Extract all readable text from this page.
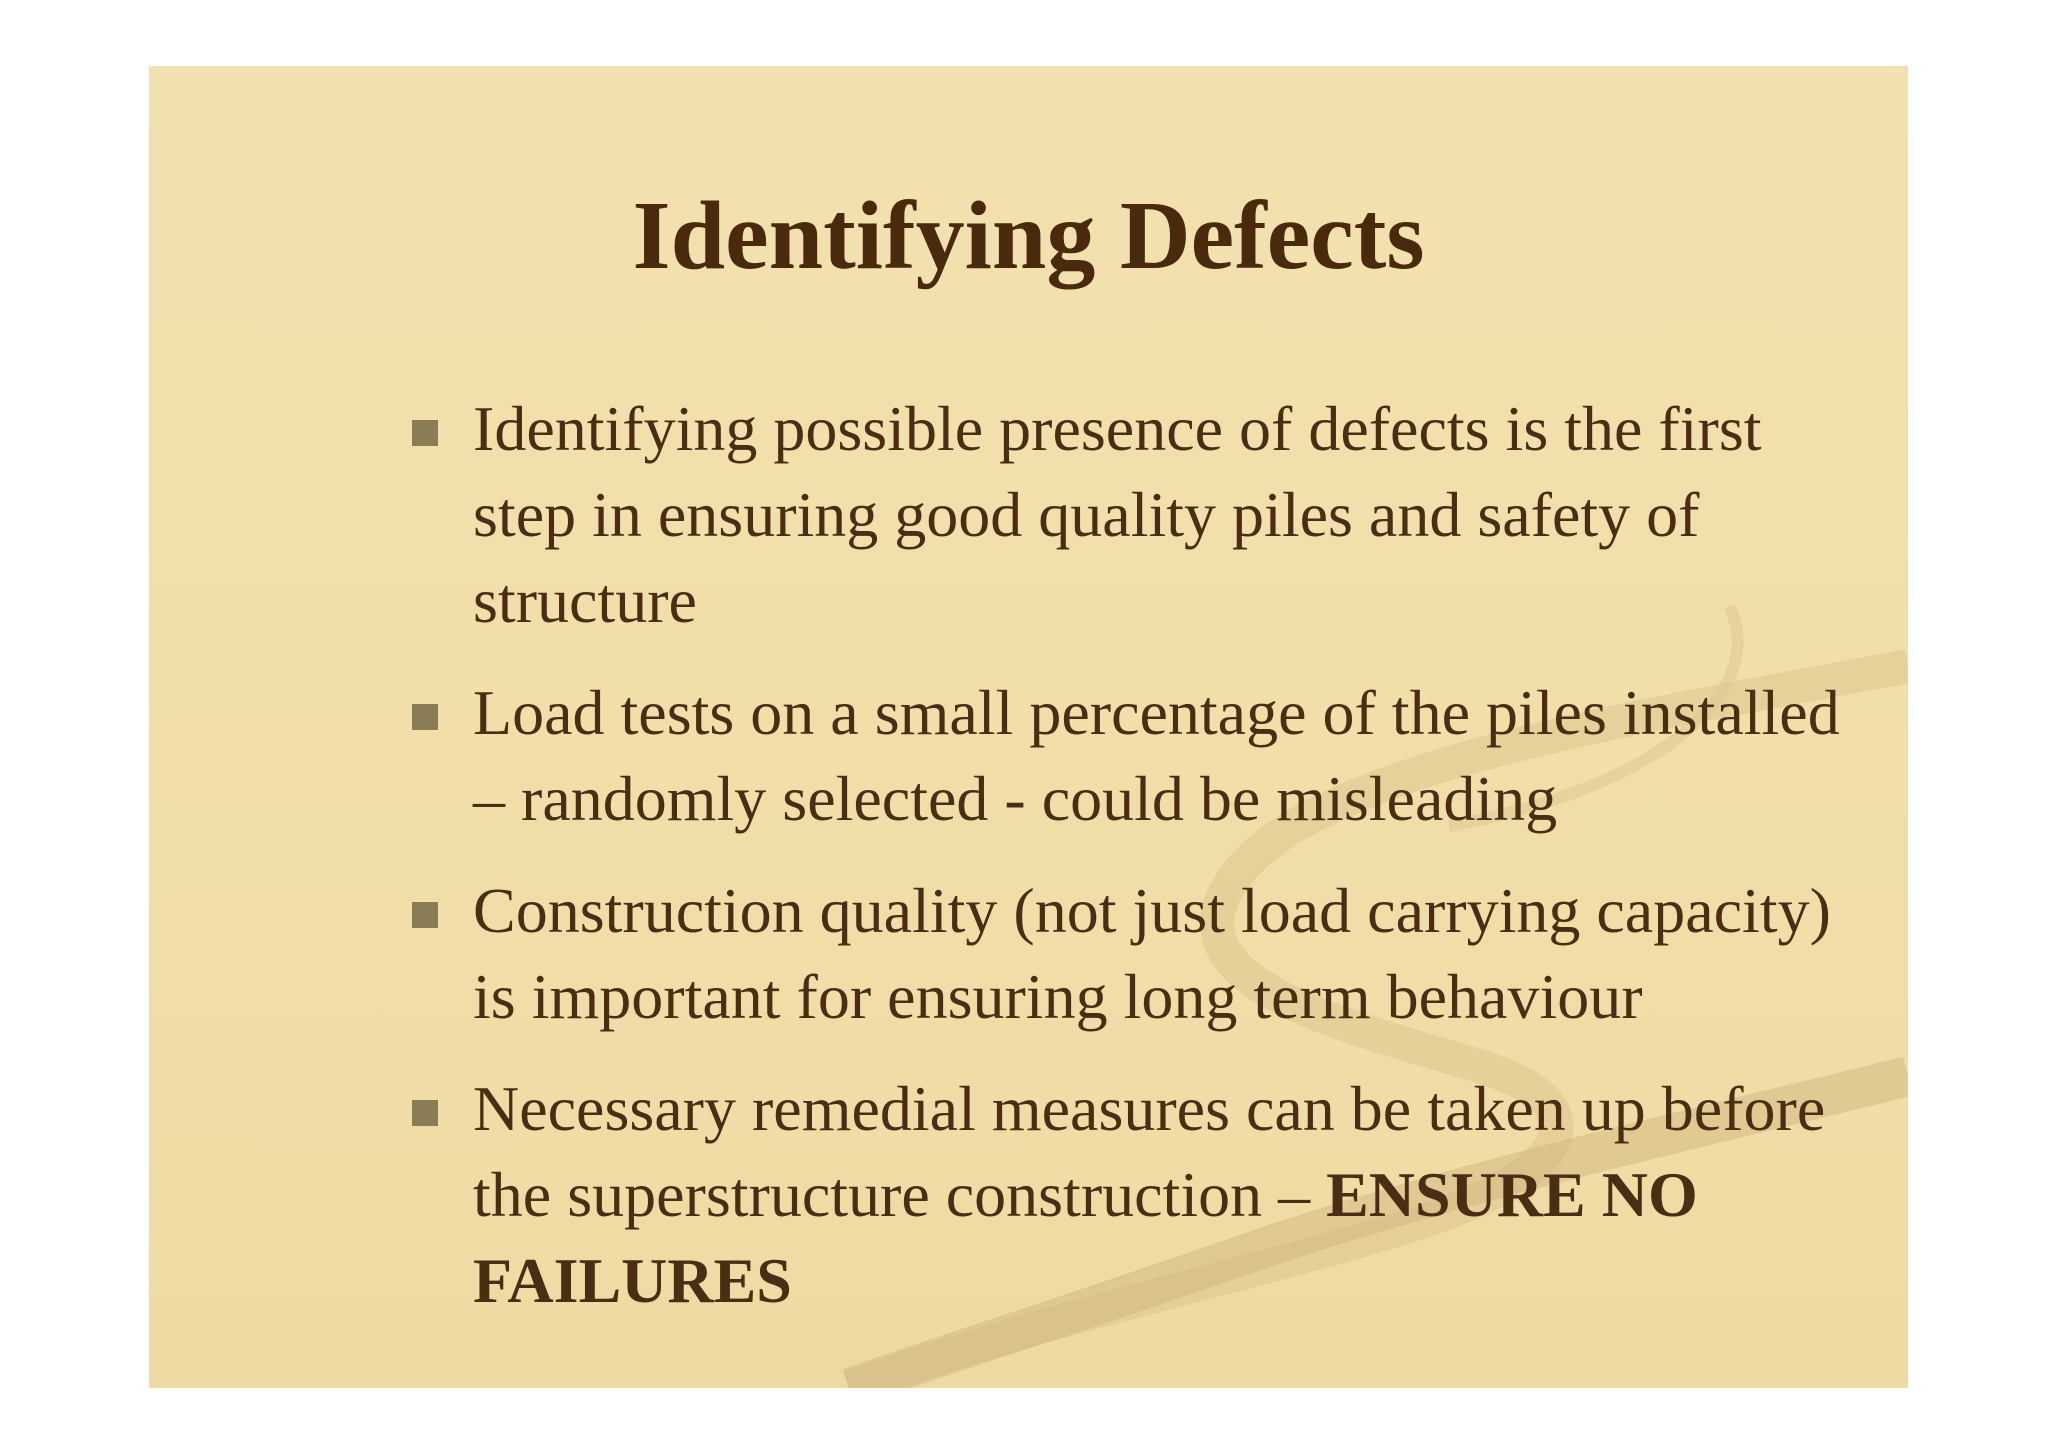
Identifying Defects
Identifying possible presence of defects is the first step in ensuring good quality piles and safety of structure
Load tests on a small percentage of the piles installed – randomly selected - could be misleading
Construction quality (not just load carrying capacity) is important for ensuring long term behaviour
Necessary remedial measures can be taken up before the superstructure construction – ENSURE NO FAILURES
